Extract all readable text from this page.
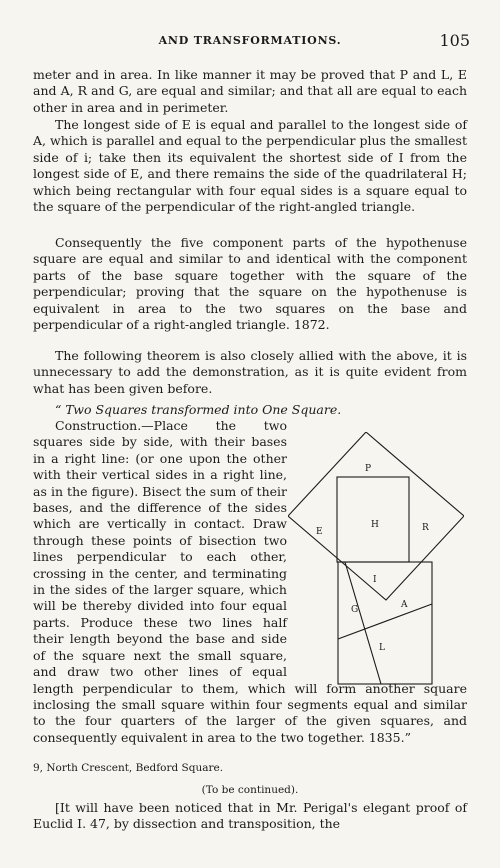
AND TRANSFORMATIONS.	105

meter and in area. In like manner it may be proved that P and L, E and A, R and G, are equal and similar; and that all are equal to each other in area and in perimeter.

The longest side of E is equal and parallel to the longest side of A, which is parallel and equal to the perpendicular plus the smallest side of i; take then its equivalent the shortest side of I from the longest side of E, and there remains the side of the quadrilateral H; which being rectangular with four equal sides is a square equal to the square of the perpendicular of the right-angled triangle.

Consequently the five component parts of the hypothenuse square are equal and similar to and identical with the component parts of the base square together with the square of the perpendicular; proving that the square on the hypothenuse is equivalent in area to the two squares on the base and perpendicular of a right-angled triangle. 1872.

The following theorem is also closely allied with the above, it is unnecessary to add the demonstration, as it is quite evident from what has been given before.

“ Two Squares transformed into One Square.

Construction.—Place the two squares side by side, with their bases in a right line: (or one upon the other with their vertical sides in a right line, as in the figure). Bisect the sum of their bases, and the difference of the sides which are vertically in contact. Draw through these points of bisection two lines perpendicular to each other, crossing in the center, and terminating in the sides of the larger square, which will be thereby divided into four equal parts. Produce these two lines half their length beyond the base and side of the square next the small square, and draw two other lines of equal length perpendicular to them, which will form another square inclosing the small square within four segments equal and similar to the four quarters of the larger of the given squares, and consequently equivalent in area to the two together. 1835.”

P
E
H	R
I
G	A
L
9, North Crescent, Bedford Square.
(To be continued).

[It will have been noticed that in Mr. Perigal's elegant proof of Euclid I. 47, by dissection and transposition, the
